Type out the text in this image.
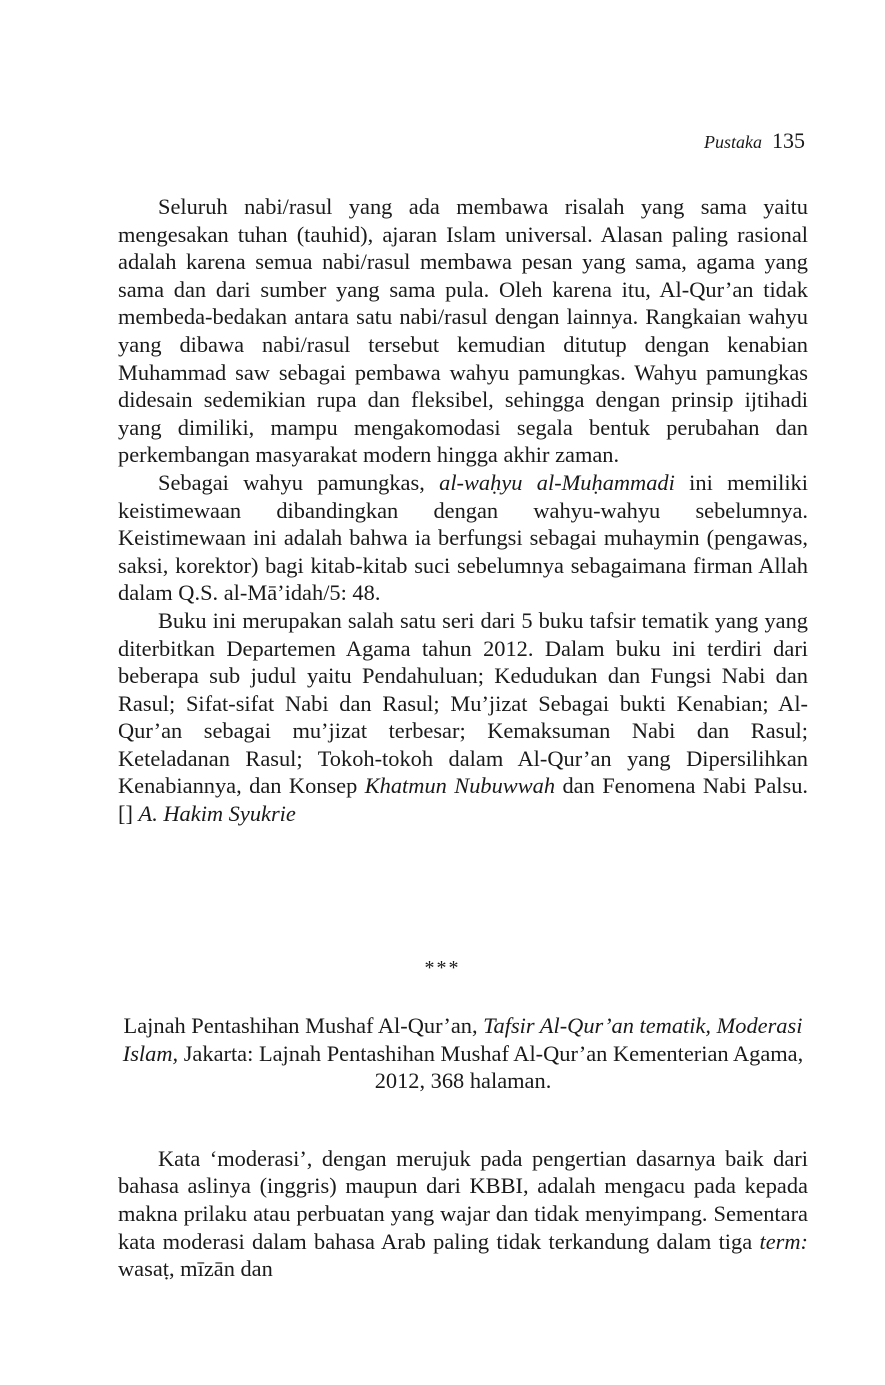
Pustaka 135

Seluruh nabi/rasul yang ada membawa risalah yang sama yaitu mengesakan tuhan (tauhid), ajaran Islam universal. Alasan paling rasional adalah karena semua nabi/rasul membawa pesan yang sama, agama yang sama dan dari sumber yang sama pula. Oleh karena itu, Al-Qur’an tidak membeda-bedakan antara satu nabi/rasul dengan lainnya. Rangkaian wahyu yang dibawa nabi/rasul tersebut kemudian ditutup dengan kenabian Muhammad saw sebagai pembawa wahyu pamungkas. Wahyu pamungkas didesain sedemikian rupa dan fleksibel, sehingga dengan prinsip ijtihadi yang dimiliki, mampu mengakomodasi segala bentuk perubahan dan perkembangan masyarakat modern hingga akhir zaman.

Sebagai wahyu pamungkas, al-waḥyu al-Muḥammadi ini memiliki keistimewaan dibandingkan dengan wahyu-wahyu sebelumnya. Keistimewaan ini adalah bahwa ia berfungsi sebagai muhaymin (pengawas, saksi, korektor) bagi kitab-kitab suci sebelumnya sebagaimana firman Allah dalam Q.S. al-Mā’idah/5: 48.

Buku ini merupakan salah satu seri dari 5 buku tafsir tematik yang yang diterbitkan Departemen Agama tahun 2012. Dalam buku ini terdiri dari beberapa sub judul yaitu Pendahuluan; Kedudukan dan Fungsi Nabi dan Rasul; Sifat-sifat Nabi dan Rasul; Mu’jizat Sebagai bukti Kenabian; Al-Qur’an sebagai mu’jizat terbesar; Kemaksuman Nabi dan Rasul; Keteladanan Rasul; Tokoh-tokoh dalam Al-Qur’an yang Dipersilihkan Kenabiannya, dan Konsep Khatmun Nubuwwah dan Fenomena Nabi Palsu.[] A. Hakim Syukrie

***

Lajnah Pentashihan Mushaf Al-Qur’an, Tafsir Al-Qur’an tematik, Moderasi Islam, Jakarta: Lajnah Pentashihan Mushaf Al-Qur’an Kementerian Agama, 2012, 368 halaman.

Kata ‘moderasi’, dengan merujuk pada pengertian dasarnya baik dari bahasa aslinya (inggris) maupun dari KBBI, adalah mengacu pada kepada makna prilaku atau perbuatan yang wajar dan tidak menyimpang. Sementara kata moderasi dalam bahasa Arab paling tidak terkandung dalam tiga term: wasaṭ, mīzān dan
